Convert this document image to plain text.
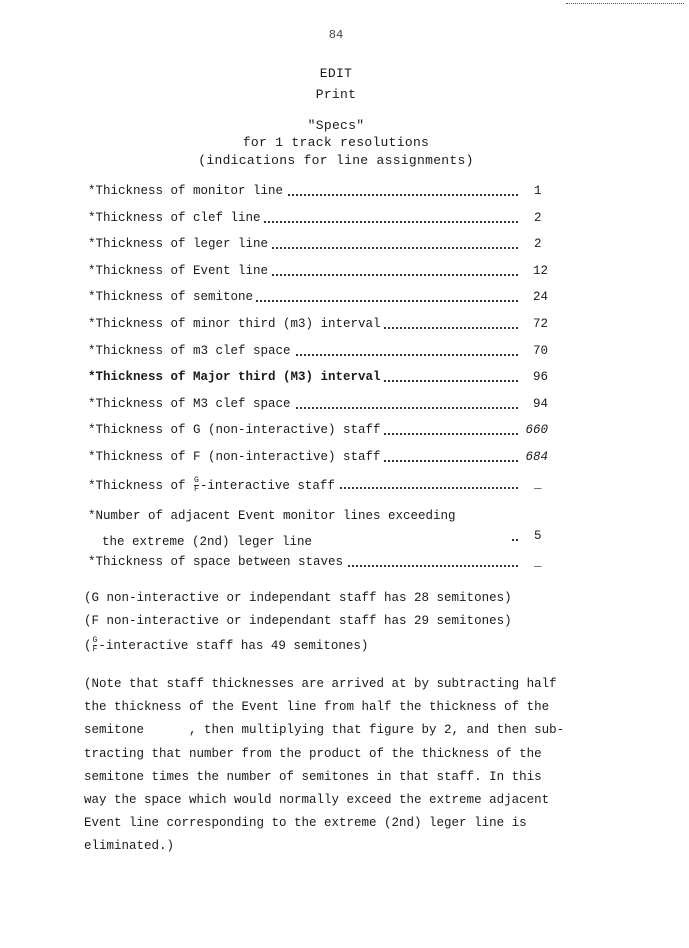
84
EDIT
Print
"Specs"
for 1 track resolutions
(indications for line assignments)
*Thickness of monitor line	1
*Thickness of clef line	2
*Thickness of leger line	2
*Thickness of Event line	12
*Thickness of semitone	24
*Thickness of minor third (m3) interval	72
*Thickness of m3 clef space	70
*Thickness of Major third (M3) interval	96
*Thickness of M3 clef space	94
*Thickness of G (non-interactive) staff	660
*Thickness of F (non-interactive) staff	684
*Thickness of $\frac{G}{F}$ -interactive staff	_
*Number of adjacent Event monitor lines exceeding
the extreme (2nd) leger line	5
*Thickness of space between staves	_
(G non-interactive or independant staff has 28 semitones)
(F non-interactive or independant staff has 29 semitones)
( $\frac{G}{F}$ -interactive staff has 49 semitones)
(Note that staff thicknesses are arrived at by subtracting half
the thickness of the Event line from half the thickness of the
semitone      , then multiplying that figure by 2, and then sub-
tracting that number from the product of the thickness of the
semitone times the number of semitones in that staff. In this
way the space which would normally exceed the extreme adjacent
Event line corresponding to the extreme (2nd) leger line is
eliminated.)
